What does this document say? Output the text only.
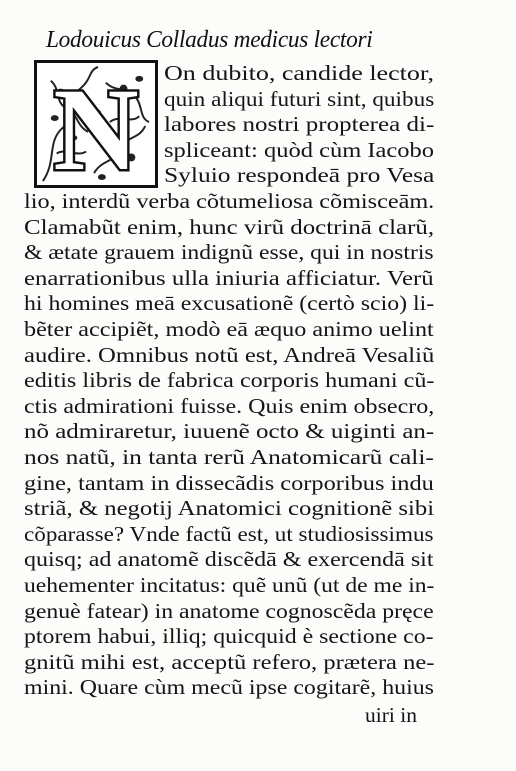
Lodouicus Colladus medicus lectori
N On dubito, candide lector,
quin aliqui futuri sint, quibus
labores nostri propterea di-
spliceant: quòd cùm Iacobo
Syluio respondeā pro Vesa
lio, interdũ verba cõtumeliosa cõmisceām.
Clamabũt enim, hunc virũ doctrinā clarũ,
& ætate grauem indignũ esse, qui in nostris
enarrationibus ulla iniuria afficiatur. Verũ
hi homines meā excusationẽ (certò scio) li-
bẽter accipiẽt, modò eā æquo animo uelint
audire. Omnibus notũ est, Andreā Vesaliũ
editis libris de fabrica corporis humani cũ-
ctis admirationi fuisse. Quis enim obsecro,
nõ admiraretur, iuuenẽ octo & uiginti an-
nos natũ, in tanta rerũ Anatomicarũ cali-
gine, tantam in dissecãdis corporibus indu
striã, & negotij Anatomici cognitionẽ sibi
cõparasse? Vnde factũ est, ut studiosissimus
quisq; ad anatomẽ discẽdā & exercendā sit
uehementer incitatus: quẽ unũ (ut de me in-
genuè fatear) in anatome cognoscẽda pręce
ptorem habui, illiq; quicquid è sectione co-
gnitũ mihi est, acceptũ refero, prætera ne-
mini. Quare cùm mecũ ipse cogitarẽ, huius
uiri in
